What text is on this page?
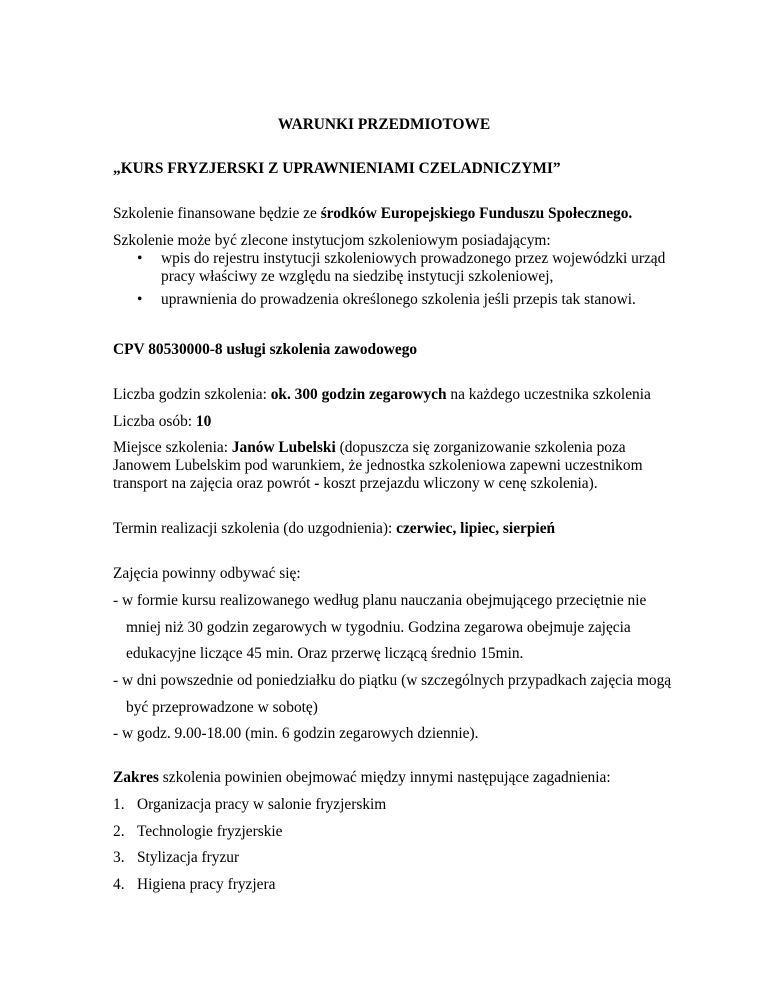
WARUNKI PRZEDMIOTOWE
„KURS FRYZJERSKI Z UPRAWNIENIAMI CZELADNICZYMI”
Szkolenie finansowane będzie ze środków Europejskiego Funduszu Społecznego.
Szkolenie może być zlecone instytucjom szkoleniowym posiadającym:
• wpis do rejestru instytucji szkoleniowych prowadzonego przez wojewódzki urząd pracy właściwy ze względu na siedzibę instytucji szkoleniowej,
• uprawnienia do prowadzenia określonego szkolenia jeśli przepis tak stanowi.
CPV 80530000-8 usługi szkolenia zawodowego
Liczba godzin szkolenia: ok. 300 godzin zegarowych na każdego uczestnika szkolenia
Liczba osób: 10
Miejsce szkolenia: Janów Lubelski (dopuszcza się zorganizowanie szkolenia poza
Janowem Lubelskim pod warunkiem, że jednostka szkoleniowa zapewni uczestnikom
transport na zajęcia oraz powrót - koszt przejazdu wliczony w cenę szkolenia).
Termin realizacji szkolenia (do uzgodnienia): czerwiec, lipiec, sierpień
Zajęcia powinny odbywać się:
- w formie kursu realizowanego według planu nauczania obejmującego przeciętnie nie
mniej niż 30 godzin zegarowych w tygodniu. Godzina zegarowa obejmuje zajęcia
edukacyjne liczące 45 min. Oraz przerwę liczącą średnio 15min.
- w dni powszednie od poniedziałku do piątku (w szczególnych przypadkach zajęcia mogą
być przeprowadzone w sobotę)
- w godz. 9.00-18.00 (min. 6 godzin zegarowych dziennie).
Zakres szkolenia powinien obejmować między innymi następujące zagadnienia:
1. Organizacja pracy w salonie fryzjerskim
2. Technologie fryzjerskie
3. Stylizacja fryzur
4. Higiena pracy fryzjera
